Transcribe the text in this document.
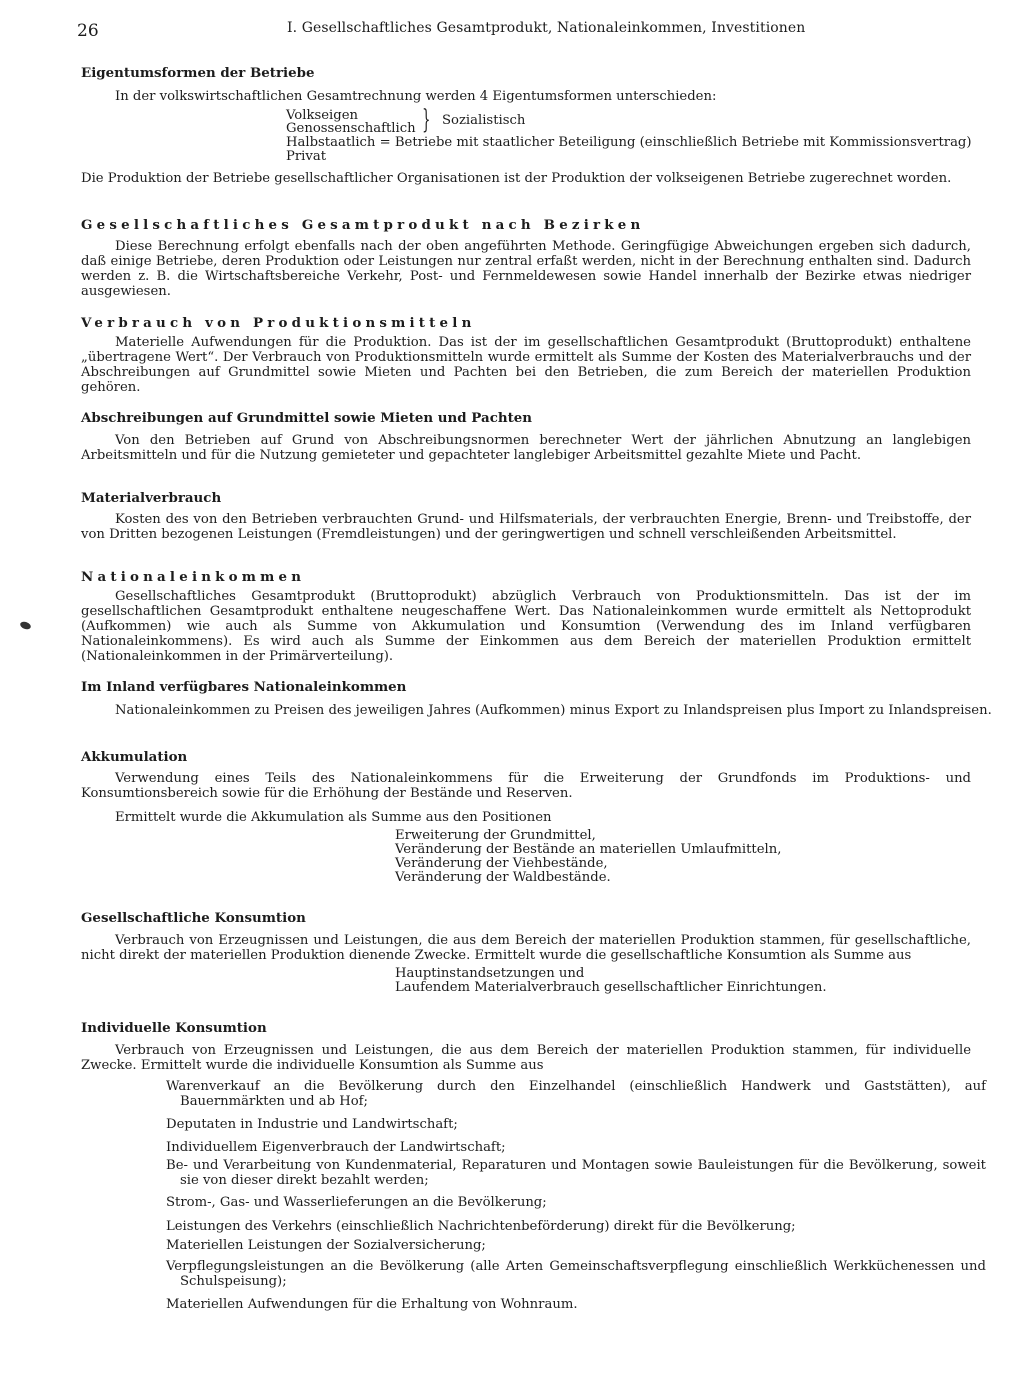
26	I. Gesellschaftliches Gesamtprodukt, Nationaleinkommen, Investitionen
Eigentumsformen der Betriebe
In der volkswirtschaftlichen Gesamtrechnung werden 4 Eigentumsformen unterschieden:
Volkseigen
Genossenschaftlich } Sozialistisch
Halbstaatlich = Betriebe mit staatlicher Beteiligung (einschließlich Betriebe mit Kommissionsvertrag)
Privat
Die Produktion der Betriebe gesellschaftlicher Organisationen ist der Produktion der volkseigenen Betriebe zugerechnet worden.
Gesellschaftliches Gesamtprodukt nach Bezirken
Diese Berechnung erfolgt ebenfalls nach der oben angeführten Methode. Geringfügige Abweichungen ergeben sich dadurch, daß einige Betriebe, deren Produktion oder Leistungen nur zentral erfaßt werden, nicht in der Berechnung enthalten sind. Dadurch werden z. B. die Wirtschaftsbereiche Verkehr, Post- und Fernmeldewesen sowie Handel innerhalb der Bezirke etwas niedriger ausgewiesen.
Verbrauch von Produktionsmitteln
Materielle Aufwendungen für die Produktion. Das ist der im gesellschaftlichen Gesamtprodukt (Bruttoprodukt) enthaltene „übertragene Wert“. Der Verbrauch von Produktionsmitteln wurde ermittelt als Summe der Kosten des Materialverbrauchs und der Abschreibungen auf Grundmittel sowie Mieten und Pachten bei den Betrieben, die zum Bereich der materiellen Produktion gehören.
Abschreibungen auf Grundmittel sowie Mieten und Pachten
Von den Betrieben auf Grund von Abschreibungsnormen berechneter Wert der jährlichen Abnutzung an langlebigen Arbeitsmitteln und für die Nutzung gemieteter und gepachteter langlebiger Arbeitsmittel gezahlte Miete und Pacht.
Materialverbrauch
Kosten des von den Betrieben verbrauchten Grund- und Hilfsmaterials, der verbrauchten Energie, Brenn- und Treibstoffe, der von Dritten bezogenen Leistungen (Fremdleistungen) und der geringwertigen und schnell verschleißenden Arbeitsmittel.
Nationaleinkommen
Gesellschaftliches Gesamtprodukt (Bruttoprodukt) abzüglich Verbrauch von Produktionsmitteln. Das ist der im gesellschaftlichen Gesamtprodukt enthaltene neugeschaffene Wert. Das Nationaleinkommen wurde ermittelt als Nettoprodukt (Aufkommen) wie auch als Summe von Akkumulation und Konsumtion (Verwendung des im Inland verfügbaren Nationaleinkommens). Es wird auch als Summe der Einkommen aus dem Bereich der materiellen Produktion ermittelt (Nationaleinkommen in der Primärverteilung).
Im Inland verfügbares Nationaleinkommen
Nationaleinkommen zu Preisen des jeweiligen Jahres (Aufkommen) minus Export zu Inlandspreisen plus Import zu Inlandspreisen.
Akkumulation
Verwendung eines Teils des Nationaleinkommens für die Erweiterung der Grundfonds im Produktions- und Konsumtionsbereich sowie für die Erhöhung der Bestände und Reserven.
Ermittelt wurde die Akkumulation als Summe aus den Positionen
Erweiterung der Grundmittel,
Veränderung der Bestände an materiellen Umlaufmitteln,
Veränderung der Viehbestände,
Veränderung der Waldbestände.
Gesellschaftliche Konsumtion
Verbrauch von Erzeugnissen und Leistungen, die aus dem Bereich der materiellen Produktion stammen, für gesellschaftliche, nicht direkt der materiellen Produktion dienende Zwecke. Ermittelt wurde die gesellschaftliche Konsumtion als Summe aus
Hauptinstandsetzungen und
Laufendem Materialverbrauch gesellschaftlicher Einrichtungen.
Individuelle Konsumtion
Verbrauch von Erzeugnissen und Leistungen, die aus dem Bereich der materiellen Produktion stammen, für individuelle Zwecke. Ermittelt wurde die individuelle Konsumtion als Summe aus
Warenverkauf an die Bevölkerung durch den Einzelhandel (einschließlich Handwerk und Gaststätten), auf Bauernmärkten und ab Hof;
Deputaten in Industrie und Landwirtschaft;
Individuellem Eigenverbrauch der Landwirtschaft;
Be- und Verarbeitung von Kundenmaterial, Reparaturen und Montagen sowie Bauleistungen für die Bevölkerung, soweit sie von dieser direkt bezahlt werden;
Strom-, Gas- und Wasserlieferungen an die Bevölkerung;
Leistungen des Verkehrs (einschließlich Nachrichtenbeförderung) direkt für die Bevölkerung;
Materiellen Leistungen der Sozialversicherung;
Verpflegungsleistungen an die Bevölkerung (alle Arten Gemeinschaftsverpflegung einschließlich Werkküchenessen und Schulspeisung);
Materiellen Aufwendungen für die Erhaltung von Wohnraum.
